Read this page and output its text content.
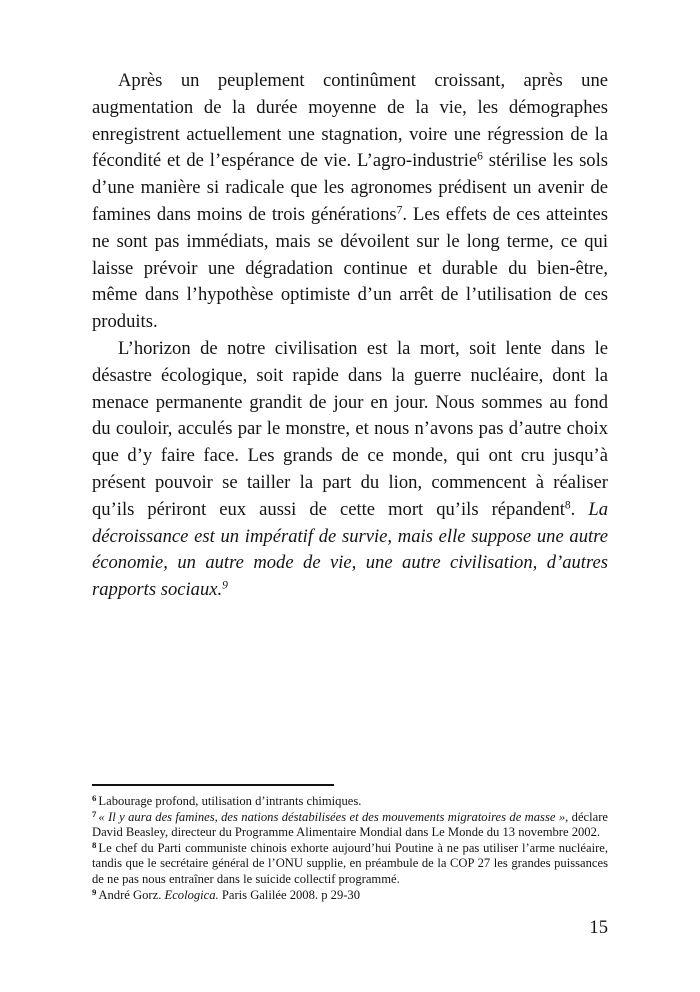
Après un peuplement continûment croissant, après une augmentation de la durée moyenne de la vie, les démographes enregistrent actuellement une stagnation, voire une régression de la fécondité et de l’espérance de vie. L’agro-industrie$^6$ stérilise les sols d’une manière si radicale que les agronomes prédisent un avenir de famines dans moins de trois générations$^7$. Les effets de ces atteintes ne sont pas immédiats, mais se dévoilent sur le long terme, ce qui laisse prévoir une dégradation continue et durable du bien-être, même dans l’hypothèse optimiste d’un arrêt de l’utilisation de ces produits.

L’horizon de notre civilisation est la mort, soit lente dans le désastre écologique, soit rapide dans la guerre nucléaire, dont la menace permanente grandit de jour en jour. Nous sommes au fond du couloir, acculés par le monstre, et nous n’avons pas d’autre choix que d’y faire face. Les grands de ce monde, qui ont cru jusqu’à présent pouvoir se tailler la part du lion, commencent à réaliser qu’ils périront eux aussi de cette mort qu’ils répandent$^8$. La décroissance est un impératif de survie, mais elle suppose une autre économie, un autre mode de vie, une autre civilisation, d’autres rapports sociaux.$^9$

$^6$ Labourage profond, utilisation d’intrants chimiques.
$^7$ « Il y aura des famines, des nations déstabilisées et des mouvements migratoires de masse », déclare David Beasley, directeur du Programme Alimentaire Mondial dans Le Monde du 13 novembre 2002.
$^8$ Le chef du Parti communiste chinois exhorte aujourd’hui Poutine à ne pas utiliser l’arme nucléaire, tandis que le secrétaire général de l’ONU supplie, en préambule de la COP 27 les grandes puissances de ne pas nous entraîner dans le suicide collectif programmé.
$^9$ André Gorz. Ecologica. Paris Galilée 2008. p 29-30
15
